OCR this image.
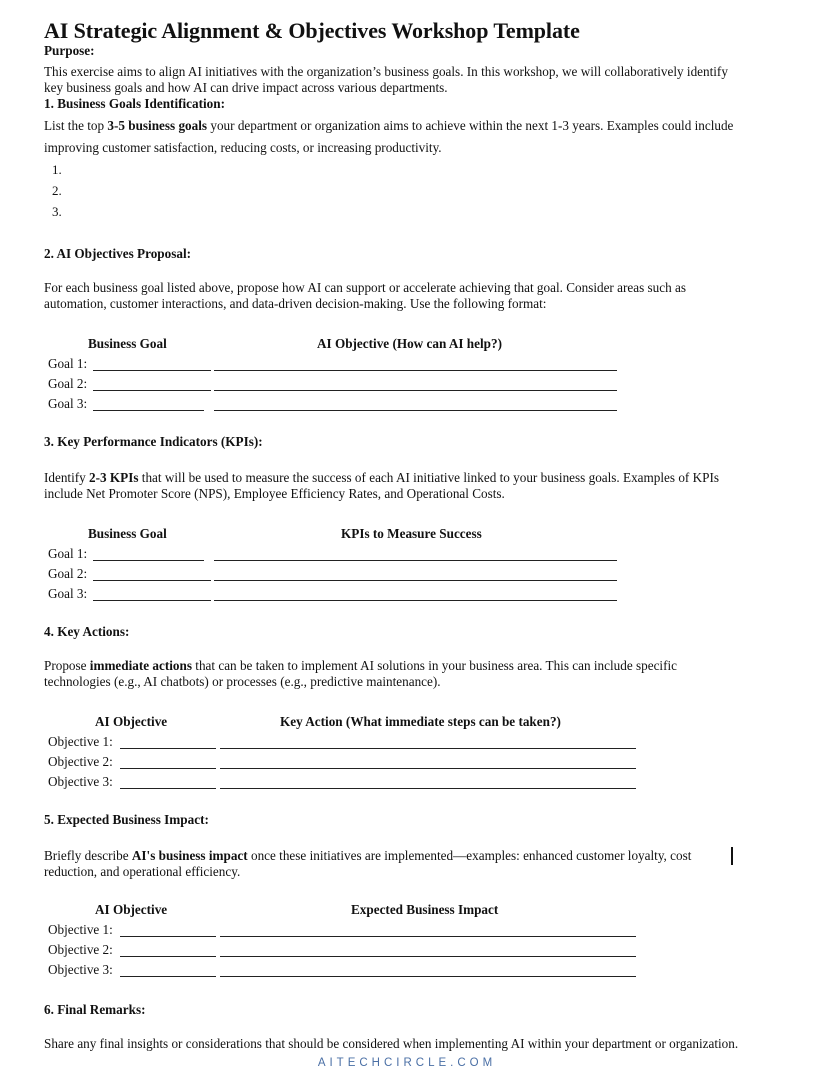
AI Strategic Alignment & Objectives Workshop Template
Purpose:
This exercise aims to align AI initiatives with the organization’s business goals. In this workshop, we will collaboratively identify key business goals and how AI can drive impact across various departments.
1. Business Goals Identification:
List the top 3-5 business goals your department or organization aims to achieve within the next 1-3 years. Examples could include improving customer satisfaction, reducing costs, or increasing productivity.
1.
2.
3.
2. AI Objectives Proposal:
For each business goal listed above, propose how AI can support or accelerate achieving that goal. Consider areas such as automation, customer interactions, and data-driven decision-making. Use the following format:
Business Goal	AI Objective (How can AI help?)
Goal 1:
Goal 2:
Goal 3:
3. Key Performance Indicators (KPIs):
Identify 2-3 KPIs that will be used to measure the success of each AI initiative linked to your business goals. Examples of KPIs include Net Promoter Score (NPS), Employee Efficiency Rates, and Operational Costs.
Business Goal	KPIs to Measure Success
Goal 1:
Goal 2:
Goal 3:
4. Key Actions:
Propose immediate actions that can be taken to implement AI solutions in your business area. This can include specific technologies (e.g., AI chatbots) or processes (e.g., predictive maintenance).
AI Objective	Key Action (What immediate steps can be taken?)
Objective 1:
Objective 2:
Objective 3:
5. Expected Business Impact:
Briefly describe AI's business impact once these initiatives are implemented—examples: enhanced customer loyalty, cost reduction, and operational efficiency.
AI Objective	Expected Business Impact
Objective 1:
Objective 2:
Objective 3:
6. Final Remarks:
Share any final insights or considerations that should be considered when implementing AI within your department or organization.
AITECHCIRCLE.COM
